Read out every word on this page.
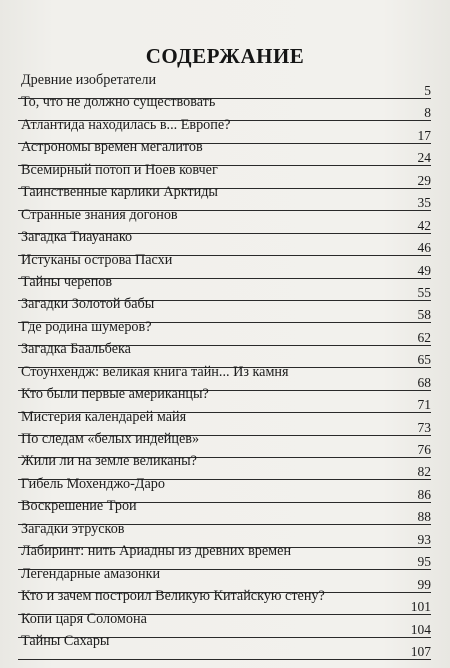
СОДЕРЖАНИЕ
Древние изобретатели
5
То, что не должно существовать
8
Атлантида находилась в... Европе?
17
Астрономы времен мегалитов
24
Всемирный потоп и Ноев ковчег
29
Таинственные карлики Арктиды
35
Странные знания догонов
42
Загадка Тиауанако
46
Истуканы острова Пасхи
49
Тайны черепов
55
Загадки Золотой бабы
58
Где родина шумеров?
62
Загадка Баальбека
65
Стоунхендж: великая книга тайн... Из камня
68
Кто были первые американцы?
71
Мистерия календарей майя
73
По следам «белых индейцев»
76
Жили ли на земле великаны?
82
Гибель Мохенджо-Даро
86
Воскрешение Трои
88
Загадки этрусков
93
Лабиринт: нить Ариадны из древних времен
95
Легендарные амазонки
99
Кто и зачем построил Великую Китайскую стену?
101
Копи царя Соломона
104
Тайны Сахары
107
